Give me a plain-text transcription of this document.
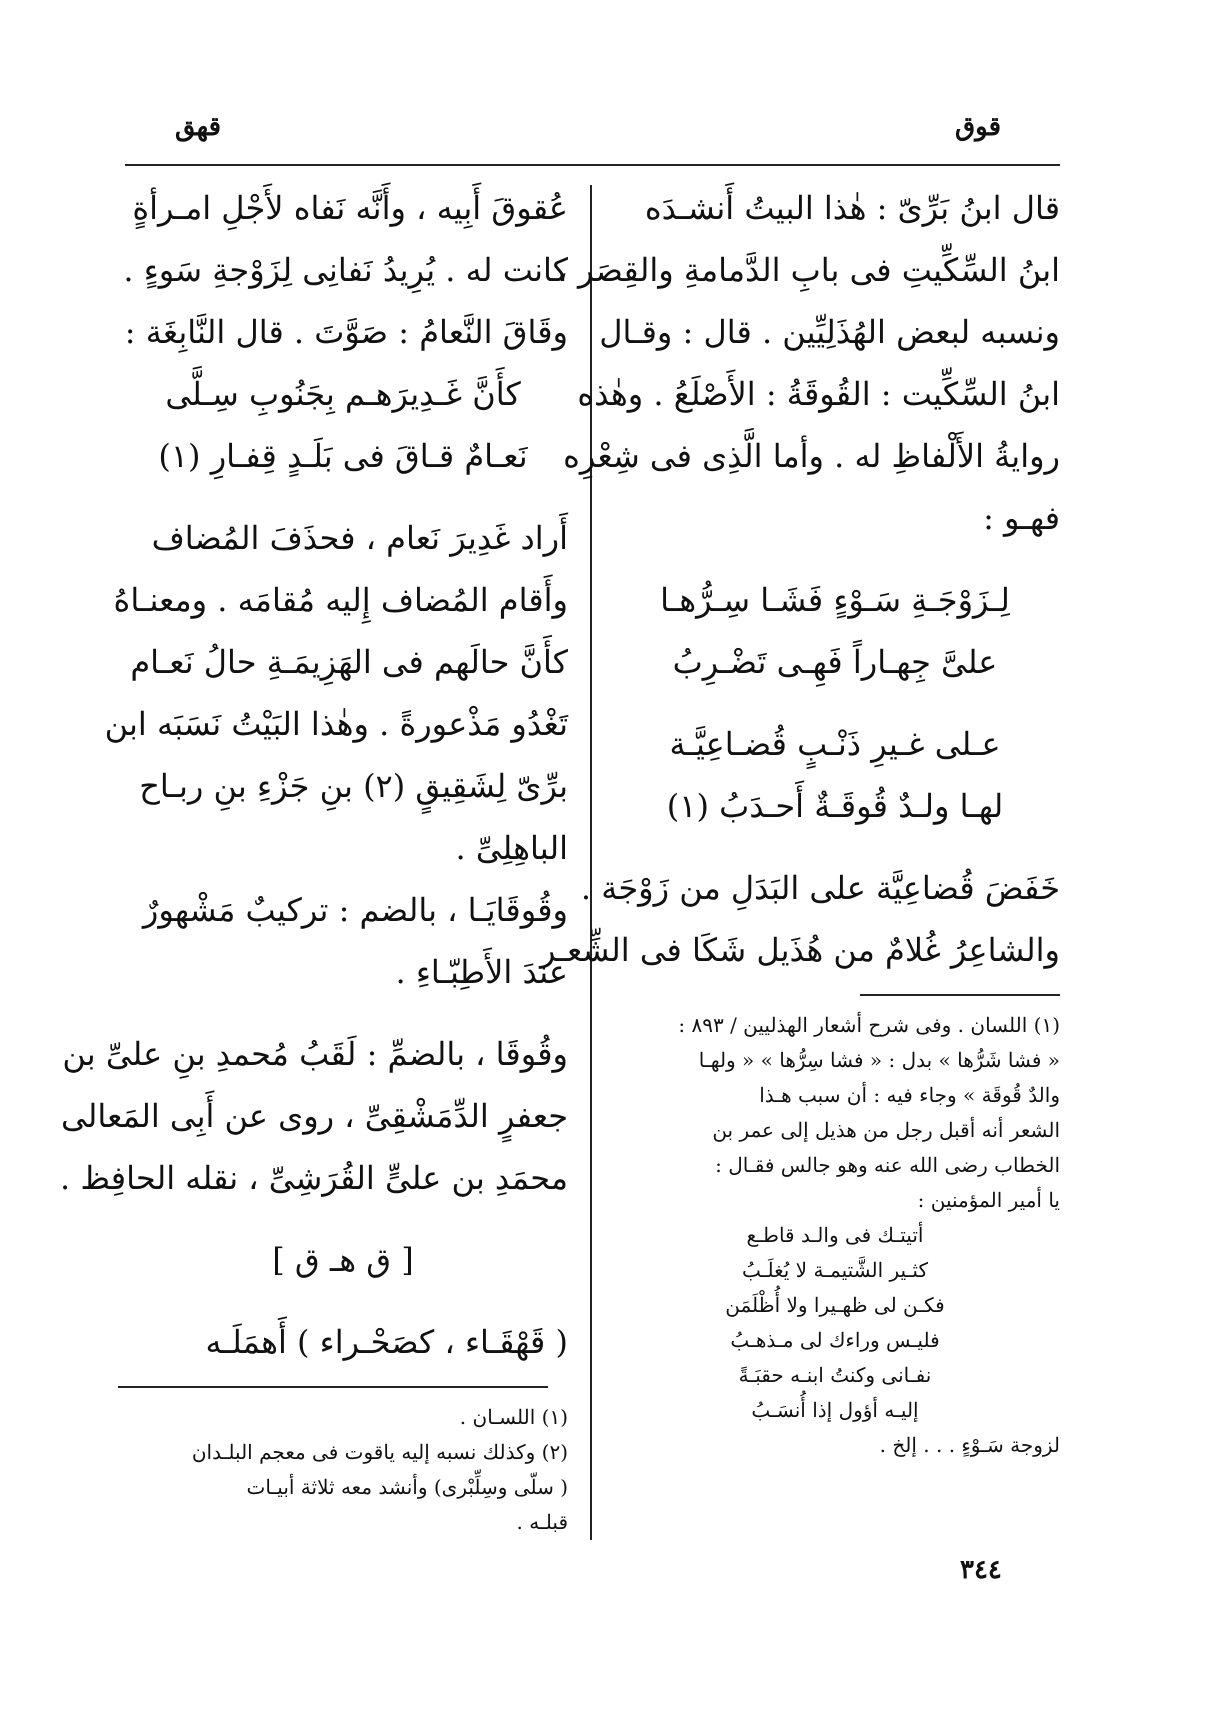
قوق
قهق
قال ابنُ بَرِّىّ : هٰذا البيتُ أَنشـدَه
ابنُ السِّكِّيتِ فى بابِ الدَّمامةِ والقِصَر ،
ونسبه لبعض الهُذَلِيِّين . قال : وقـال
ابنُ السِّكِّيت : القُوقَةُ : الأَصْلَعُ . وهٰذه
روايةُ الأَلْفاظِ له . وأما الَّذِى فى شِعْرِه
فهـو :
لِـزَوْجَـةِ سَـوْءٍ فَشَـا سِـرُّهـا
علىَّ جِهـاراً فَهِـى تَضْـرِبُ
عـلى غـيرِ ذَنْـبٍ قُضـاعِيَّـة
لهـا ولـدٌ قُوقَـةٌ أَحـدَبُ (١)
خَفَضَ قُضاعِيَّة على البَدَلِ من زَوْجَة .
والشاعِرُ غُلامٌ من هُذَيل شَكَا فى الشِّعـر
(١) اللسان . وفى شرح أشعار الهذليين / ٨٩٣ :
« فشا شَرُّها » بدل : « فشا سِرُّها » « ولهـا
والدٌ قُوقَة » وجاء فيه : أن سبب هـذا
الشعر أنه أقبل رجل من هذيل إلى عمر بن
الخطاب رضى الله عنه وهو جالس فقـال :
يا أمير المؤمنين :
أتيتـك فى والـد قاطـع
كثـير الشَّتيمـة لا يُغلَـبُ
فكـن لى ظهـيرا ولا أُظْلَمَن
فليـس وراءك لى مـذهـبُ
نفـانى وكنتُ ابنـه حقبَـةً
إليـه أؤول إذا أُنسَـبُ
لزوجة سَـوْءٍ . . . إلخ .
عُقوقَ أَبِيه ، وأَنَّه نَفاه لأَجْلِ امـرأةٍ
كانت له . يُرِيدُ نَفانِى لِزَوْجةِ سَوءٍ .
وقَاقَ النَّعامُ : صَوَّتَ . قال النَّابِغَة :
كأَنَّ غَـدِيرَهـم بِجَنُوبِ سِـلَّى
نَعـامٌ قـاقَ فى بَلَـدٍ قِفـارِ (١)
أَراد غَدِيرَ نَعام ، فحذَفَ المُضاف
وأَقام المُضاف إِليه مُقامَه . ومعنـاهُ
كأَنَّ حالَهم فى الهَزِيمَـةِ حالُ نَعـام
تَغْدُو مَذْعورةً . وهٰذا البَيْتُ نَسَبَه ابن
برِّىّ لِشَقِيقٍ (٢) بنِ جَزْءِ بنِ ربـاح
الباهِلِىِّ .
وقُوقَايَـا ، بالضم : تركيبٌ مَشْهورٌ
عندَ الأَطِبّـاءِ .
وقُوقَا ، بالضمِّ : لَقَبُ مُحمدِ بنِ علىِّ بن
جعفرٍ الدِّمَشْقِىِّ ، روى عن أَبِى المَعالى
محمَدِ بن علىٍّ القُرَشِىِّ ، نقله الحافِظ .
[ ق هـ ق ]
( قَهْقَـاء ، كصَحْـراء ) أَهمَلَـه
(١) اللسـان .
(٢) وكذلك نسبه إليه ياقوت فى معجم البلـدان
( سلّى وسِلِّبْرى) وأنشد معه ثلاثة أبيـات
قبلـه .
٣٤٤
